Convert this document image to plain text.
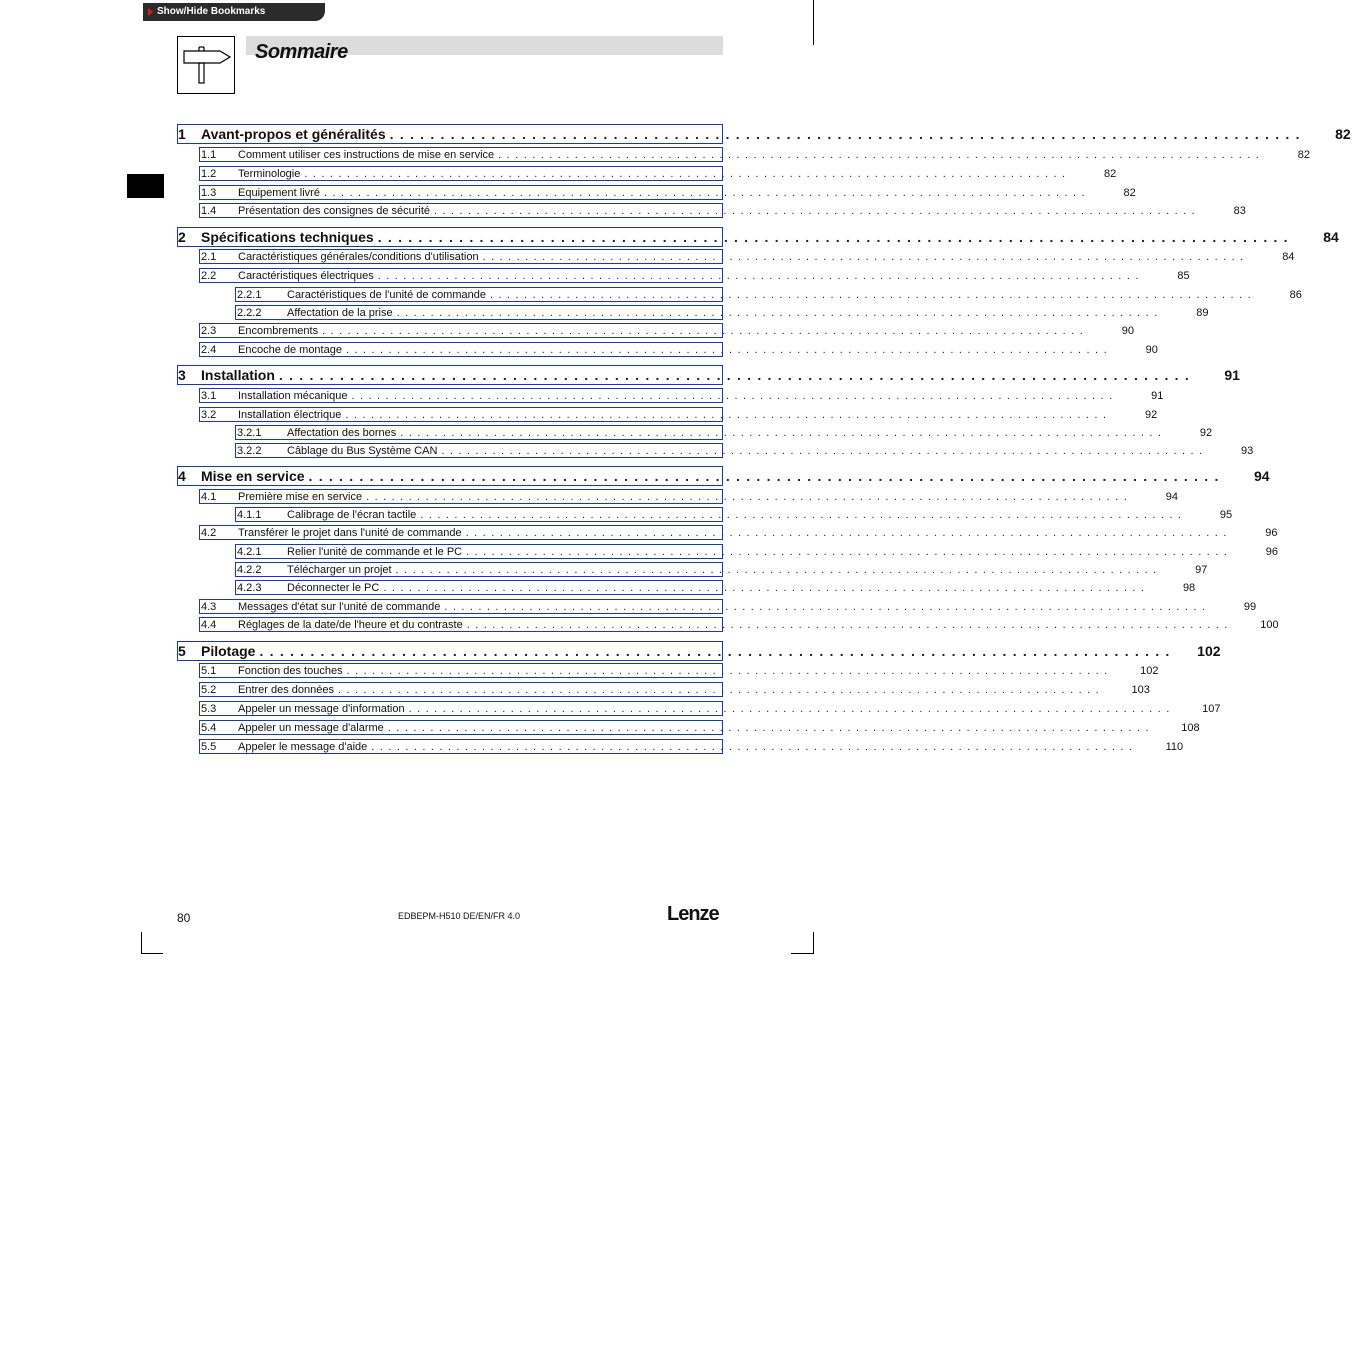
Show/Hide Bookmarks
Sommaire
1	Avant-propos et généralités . . . . . . . . . . . . . . . . . . . . . . . . . . . . . . . . . . . . . . . . . . . . . . . . . . . . . . . . . . . . . . . . . . . . . . . . . . . . . . . . . . . . . . . . . .	82
1.1	Comment utiliser ces instructions de mise en service . . . . . . . . . . . . . . . . . . . . . . . . . . . . . . . . . . . . . . . . . . . . . . . . . . . . . . . . . . . . . . . . . . . . . . . . . . . . . . . . . . . . . . . . . .	82
1.2	Terminologie . . . . . . . . . . . . . . . . . . . . . . . . . . . . . . . . . . . . . . . . . . . . . . . . . . . . . . . . . . . . . . . . . . . . . . . . . . . . . . . . . . . . . . . . . .	82
1.3	Equipement livré . . . . . . . . . . . . . . . . . . . . . . . . . . . . . . . . . . . . . . . . . . . . . . . . . . . . . . . . . . . . . . . . . . . . . . . . . . . . . . . . . . . . . . . . . .	82
1.4	Présentation des consignes de sécurité . . . . . . . . . . . . . . . . . . . . . . . . . . . . . . . . . . . . . . . . . . . . . . . . . . . . . . . . . . . . . . . . . . . . . . . . . . . . . . . . . . . . . . . . . .	83
2	Spécifications techniques . . . . . . . . . . . . . . . . . . . . . . . . . . . . . . . . . . . . . . . . . . . . . . . . . . . . . . . . . . . . . . . . . . . . . . . . . . . . . . . . . . . . . . . . . .	84
2.1	Caractéristiques générales/conditions d'utilisation . . . . . . . . . . . . . . . . . . . . . . . . . . . . . . . . . . . . . . . . . . . . . . . . . . . . . . . . . . . . . . . . . . . . . . . . . . . . . . . . . . . . . . . . . .	84
2.2	Caractéristiques électriques . . . . . . . . . . . . . . . . . . . . . . . . . . . . . . . . . . . . . . . . . . . . . . . . . . . . . . . . . . . . . . . . . . . . . . . . . . . . . . . . . . . . . . . . . .	85
2.2.1	Caractéristiques de l'unité de commande . . . . . . . . . . . . . . . . . . . . . . . . . . . . . . . . . . . . . . . . . . . . . . . . . . . . . . . . . . . . . . . . . . . . . . . . . . . . . . . . . . . . . . . . . .	86
2.2.2	Affectation de la prise . . . . . . . . . . . . . . . . . . . . . . . . . . . . . . . . . . . . . . . . . . . . . . . . . . . . . . . . . . . . . . . . . . . . . . . . . . . . . . . . . . . . . . . . . .	89
2.3	Encombrements . . . . . . . . . . . . . . . . . . . . . . . . . . . . . . . . . . . . . . . . . . . . . . . . . . . . . . . . . . . . . . . . . . . . . . . . . . . . . . . . . . . . . . . . . .	90
2.4	Encoche de montage . . . . . . . . . . . . . . . . . . . . . . . . . . . . . . . . . . . . . . . . . . . . . . . . . . . . . . . . . . . . . . . . . . . . . . . . . . . . . . . . . . . . . . . . . .	90
3	Installation . . . . . . . . . . . . . . . . . . . . . . . . . . . . . . . . . . . . . . . . . . . . . . . . . . . . . . . . . . . . . . . . . . . . . . . . . . . . . . . . . . . . . . . . . .	91
3.1	Installation mécanique . . . . . . . . . . . . . . . . . . . . . . . . . . . . . . . . . . . . . . . . . . . . . . . . . . . . . . . . . . . . . . . . . . . . . . . . . . . . . . . . . . . . . . . . . .	91
3.2	Installation électrique . . . . . . . . . . . . . . . . . . . . . . . . . . . . . . . . . . . . . . . . . . . . . . . . . . . . . . . . . . . . . . . . . . . . . . . . . . . . . . . . . . . . . . . . . .	92
3.2.1	Affectation des bornes . . . . . . . . . . . . . . . . . . . . . . . . . . . . . . . . . . . . . . . . . . . . . . . . . . . . . . . . . . . . . . . . . . . . . . . . . . . . . . . . . . . . . . . . . .	92
3.2.2	Câblage du Bus Système CAN . . . . . . . . . . . . . . . . . . . . . . . . . . . . . . . . . . . . . . . . . . . . . . . . . . . . . . . . . . . . . . . . . . . . . . . . . . . . . . . . . . . . . . . . . .	93
4	Mise en service . . . . . . . . . . . . . . . . . . . . . . . . . . . . . . . . . . . . . . . . . . . . . . . . . . . . . . . . . . . . . . . . . . . . . . . . . . . . . . . . . . . . . . . . . .	94
4.1	Première mise en service . . . . . . . . . . . . . . . . . . . . . . . . . . . . . . . . . . . . . . . . . . . . . . . . . . . . . . . . . . . . . . . . . . . . . . . . . . . . . . . . . . . . . . . . . .	94
4.1.1	Calibrage de l'écran tactile . . . . . . . . . . . . . . . . . . . . . . . . . . . . . . . . . . . . . . . . . . . . . . . . . . . . . . . . . . . . . . . . . . . . . . . . . . . . . . . . . . . . . . . . . .	95
4.2	Transférer le projet dans l'unité de commande . . . . . . . . . . . . . . . . . . . . . . . . . . . . . . . . . . . . . . . . . . . . . . . . . . . . . . . . . . . . . . . . . . . . . . . . . . . . . . . . . . . . . . . . . .	96
4.2.1	Relier l'unité de commande et le PC . . . . . . . . . . . . . . . . . . . . . . . . . . . . . . . . . . . . . . . . . . . . . . . . . . . . . . . . . . . . . . . . . . . . . . . . . . . . . . . . . . . . . . . . . .	96
4.2.2	Télécharger un projet . . . . . . . . . . . . . . . . . . . . . . . . . . . . . . . . . . . . . . . . . . . . . . . . . . . . . . . . . . . . . . . . . . . . . . . . . . . . . . . . . . . . . . . . . .	97
4.2.3	Déconnecter le PC . . . . . . . . . . . . . . . . . . . . . . . . . . . . . . . . . . . . . . . . . . . . . . . . . . . . . . . . . . . . . . . . . . . . . . . . . . . . . . . . . . . . . . . . . .	98
4.3	Messages d'état sur l'unité de commande . . . . . . . . . . . . . . . . . . . . . . . . . . . . . . . . . . . . . . . . . . . . . . . . . . . . . . . . . . . . . . . . . . . . . . . . . . . . . . . . . . . . . . . . . .	99
4.4	Réglages de la date/de l'heure et du contraste . . . . . . . . . . . . . . . . . . . . . . . . . . . . . . . . . . . . . . . . . . . . . . . . . . . . . . . . . . . . . . . . . . . . . . . . . . . . . . . . . . . . . . . . . .	100
5	Pilotage . . . . . . . . . . . . . . . . . . . . . . . . . . . . . . . . . . . . . . . . . . . . . . . . . . . . . . . . . . . . . . . . . . . . . . . . . . . . . . . . . . . . . . . . . .	102
5.1	Fonction des touches . . . . . . . . . . . . . . . . . . . . . . . . . . . . . . . . . . . . . . . . . . . . . . . . . . . . . . . . . . . . . . . . . . . . . . . . . . . . . . . . . . . . . . . . . .	102
5.2	Entrer des données . . . . . . . . . . . . . . . . . . . . . . . . . . . . . . . . . . . . . . . . . . . . . . . . . . . . . . . . . . . . . . . . . . . . . . . . . . . . . . . . . . . . . . . . . .	103
5.3	Appeler un message d'information . . . . . . . . . . . . . . . . . . . . . . . . . . . . . . . . . . . . . . . . . . . . . . . . . . . . . . . . . . . . . . . . . . . . . . . . . . . . . . . . . . . . . . . . . .	107
5.4	Appeler un message d'alarme . . . . . . . . . . . . . . . . . . . . . . . . . . . . . . . . . . . . . . . . . . . . . . . . . . . . . . . . . . . . . . . . . . . . . . . . . . . . . . . . . . . . . . . . . .	108
5.5	Appeler le message d'aide . . . . . . . . . . . . . . . . . . . . . . . . . . . . . . . . . . . . . . . . . . . . . . . . . . . . . . . . . . . . . . . . . . . . . . . . . . . . . . . . . . . . . . . . . .	110
80	EDBEPM-H510 DE/EN/FR 4.0	Lenze
